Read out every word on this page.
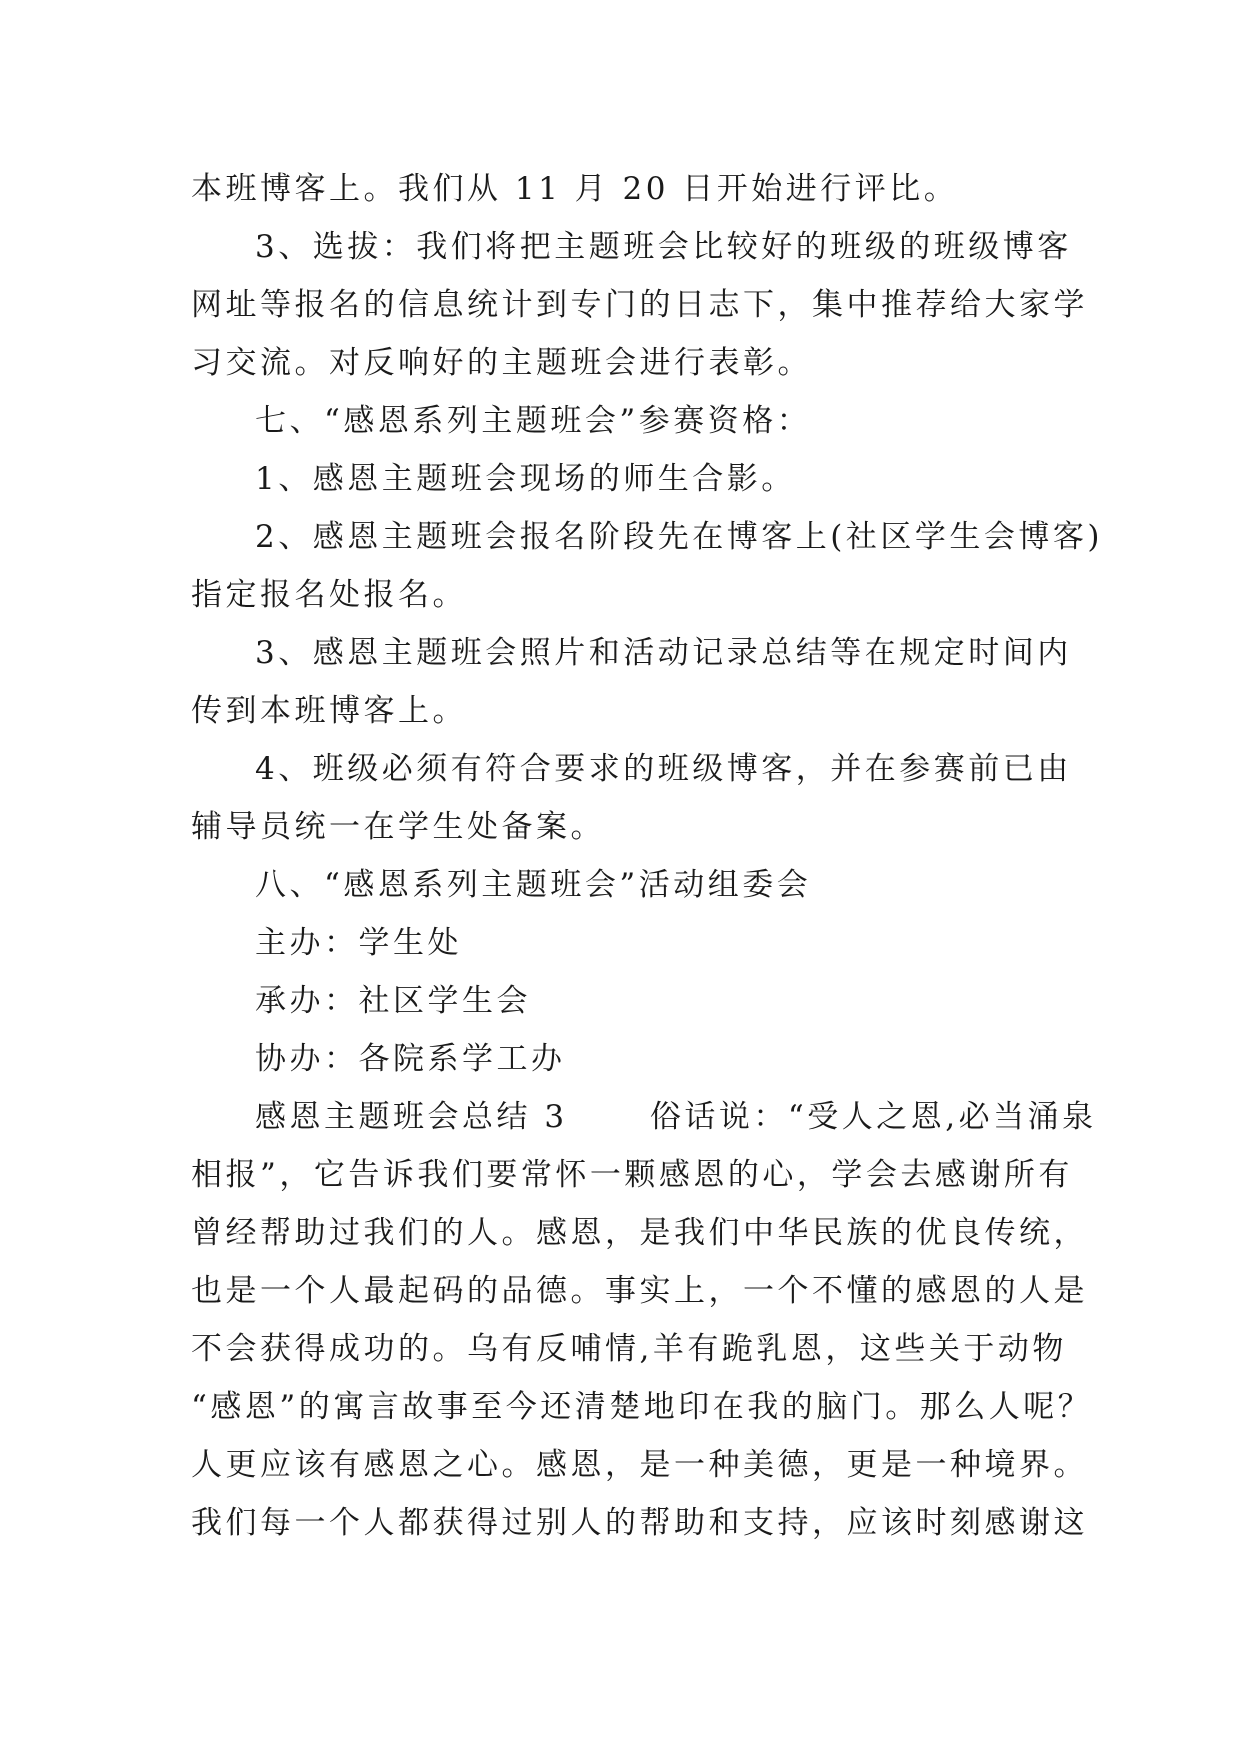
本班博客上。我们从 11 月 20 日开始进行评比。
3、选拔：我们将把主题班会比较好的班级的班级博客
网址等报名的信息统计到专门的日志下，集中推荐给大家学
习交流。对反响好的主题班会进行表彰。
七、“感恩系列主题班会”参赛资格：
1、感恩主题班会现场的师生合影。
2、感恩主题班会报名阶段先在博客上(社区学生会博客)
指定报名处报名。
3、感恩主题班会照片和活动记录总结等在规定时间内
传到本班博客上。
4、班级必须有符合要求的班级博客，并在参赛前已由
辅导员统一在学生处备案。
八、“感恩系列主题班会”活动组委会
主办：学生处
承办：社区学生会
协办：各院系学工办
感恩主题班会总结 3　　 俗话说：“受人之恩,必当涌泉
相报”，它告诉我们要常怀一颗感恩的心，学会去感谢所有
曾经帮助过我们的人。感恩，是我们中华民族的优良传统，
也是一个人最起码的品德。事实上，一个不懂的感恩的人是
不会获得成功的。乌有反哺情,羊有跪乳恩，这些关于动物
“感恩”的寓言故事至今还清楚地印在我的脑门。那么人呢？
人更应该有感恩之心。感恩，是一种美德，更是一种境界。
我们每一个人都获得过别人的帮助和支持，应该时刻感谢这
